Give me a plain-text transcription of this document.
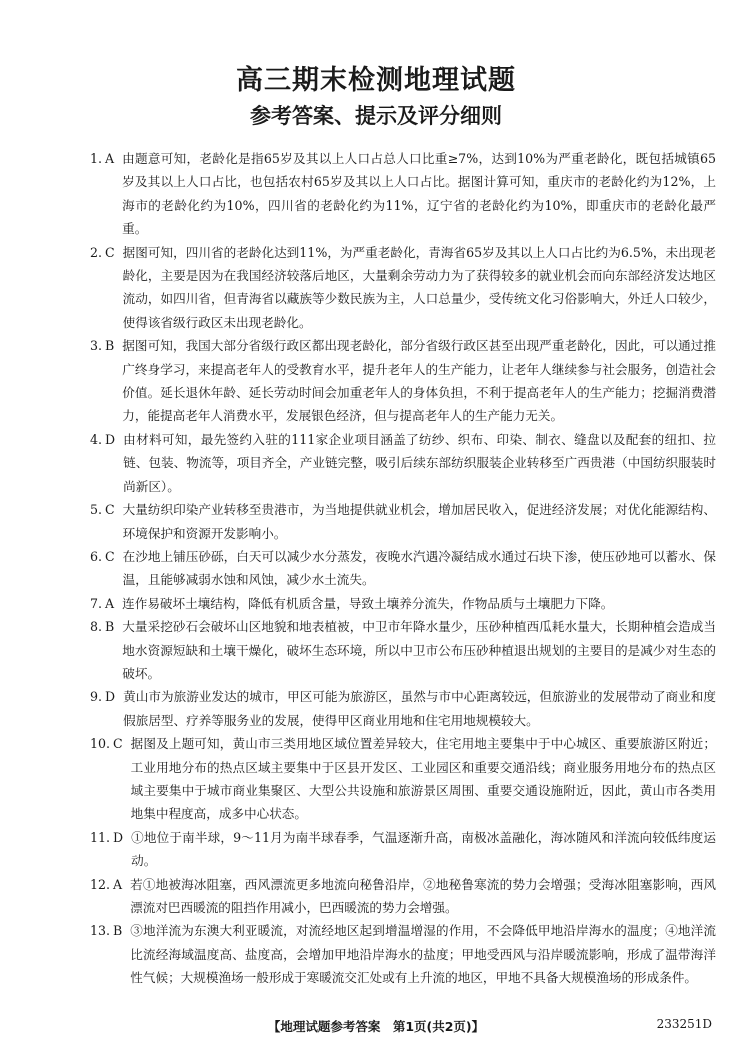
高三期末检测地理试题
参考答案、提示及评分细则
1. A 由题意可知，老龄化是指65岁及其以上人口占总人口比重≥7%，达到10%为严重老龄化，既包括城镇65岁及其以上人口占比，也包括农村65岁及其以上人口占比。据图计算可知，重庆市的老龄化约为12%，上海市的老龄化约为10%，四川省的老龄化约为11%，辽宁省的老龄化约为10%，即重庆市的老龄化最严重。
2. C 据图可知，四川省的老龄化达到11%，为严重老龄化，青海省65岁及其以上人口占比约为6.5%，未出现老龄化，主要是因为在我国经济较落后地区，大量剩余劳动力为了获得较多的就业机会而向东部经济发达地区流动，如四川省，但青海省以藏族等少数民族为主，人口总量少，受传统文化习俗影响大，外迁人口较少，使得该省级行政区未出现老龄化。
3. B 据图可知，我国大部分省级行政区都出现老龄化，部分省级行政区甚至出现严重老龄化，因此，可以通过推广终身学习，来提高老年人的受教育水平，提升老年人的生产能力，让老年人继续参与社会服务，创造社会价值。延长退休年龄、延长劳动时间会加重老年人的身体负担，不利于提高老年人的生产能力；挖掘消费潜力，能提高老年人消费水平，发展银色经济，但与提高老年人的生产能力无关。
4. D 由材料可知，最先签约入驻的111家企业项目涵盖了纺纱、织布、印染、制衣、缝盘以及配套的纽扣、拉链、包装、物流等，项目齐全，产业链完整，吸引后续东部纺织服装企业转移至广西贵港（中国纺织服装时尚新区）。
5. C 大量纺织印染产业转移至贵港市，为当地提供就业机会，增加居民收入，促进经济发展；对优化能源结构、环境保护和资源开发影响小。
6. C 在沙地上铺压砂砾，白天可以减少水分蒸发，夜晚水汽遇冷凝结成水通过石块下渗，使压砂地可以蓄水、保温，且能够减弱水蚀和风蚀，减少水土流失。
7. A 连作易破坏土壤结构，降低有机质含量，导致土壤养分流失，作物品质与土壤肥力下降。
8. B 大量采挖砂石会破坏山区地貌和地表植被，中卫市年降水量少，压砂种植西瓜耗水量大，长期种植会造成当地水资源短缺和土壤干燥化，破坏生态环境，所以中卫市公布压砂种植退出规划的主要目的是减少对生态的破坏。
9. D 黄山市为旅游业发达的城市，甲区可能为旅游区，虽然与市中心距离较远，但旅游业的发展带动了商业和度假旅居型、疗养等服务业的发展，使得甲区商业用地和住宅用地规模较大。
10. C 据图及上题可知，黄山市三类用地区域位置差异较大，住宅用地主要集中于中心城区、重要旅游区附近；工业用地分布的热点区域主要集中于区县开发区、工业园区和重要交通沿线；商业服务用地分布的热点区域主要集中于城市商业集聚区、大型公共设施和旅游景区周围、重要交通设施附近，因此，黄山市各类用地集中程度高，成多中心状态。
11. D ①地位于南半球，9～11月为南半球春季，气温逐渐升高，南极冰盖融化，海冰随风和洋流向较低纬度运动。
12. A 若①地被海冰阻塞，西风漂流更多地流向秘鲁沿岸，②地秘鲁寒流的势力会增强；受海冰阻塞影响，西风漂流对巴西暖流的阻挡作用减小，巴西暖流的势力会增强。
13. B ③地洋流为东澳大利亚暖流，对流经地区起到增温增湿的作用，不会降低甲地沿岸海水的温度；④地洋流比流经海域温度高、盐度高，会增加甲地沿岸海水的盐度；甲地受西风与沿岸暖流影响，形成了温带海洋性气候；大规模渔场一般形成于寒暖流交汇处或有上升流的地区，甲地不具备大规模渔场的形成条件。
【地理试题参考答案　第1页(共2页)】	233251D
